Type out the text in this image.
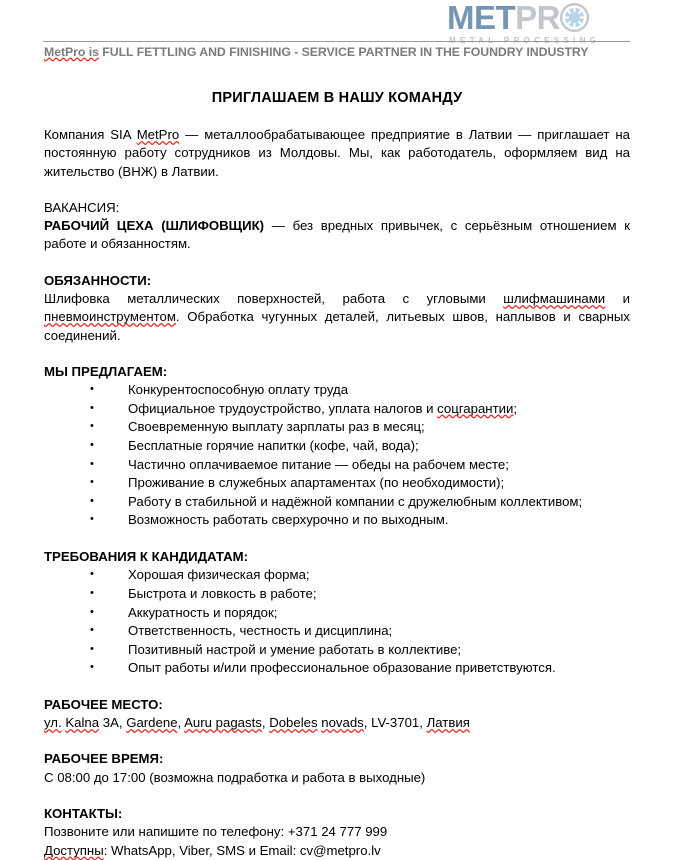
METPR
MetPro is FULL FETTLING AND FINISHING - SERVICE PARTNER IN THE FOUNDRY INDUSTRY
ПРИГЛАШАЕМ В НАШУ КОМАНДУ

Компания SIA MetPro — металлообрабатывающее предприятие в Латвии — приглашает на постоянную работу сотрудников из Молдовы. Мы, как работодатель, оформляем вид на жительство (ВНЖ) в Латвии.

ВАКАНСИЯ:

РАБОЧИЙ ЦЕХА (ШЛИФОВЩИК) — без вредных привычек, с серьёзным отношением к работе и обязанностям.

ОБЯЗАННОСТИ:

Шлифовка металлических поверхностей, работа с угловыми шлифмашинами и пневмоинструментом. Обработка чугунных деталей, литьевых швов, наплывов и сварных соединений.

МЫ ПРЕДЛАГАЕМ:
• Конкурентоспособную оплату труда
• Официальное трудоустройство, уплата налогов и соцгарантии;
• Своевременную выплату зарплаты раз в месяц;
• Бесплатные горячие напитки (кофе, чай, вода);
• Частично оплачиваемое питание — обеды на рабочем месте;
• Проживание в служебных апартаментах (по необходимости);
• Работу в стабильной и надёжной компании с дружелюбным коллективом;
• Возможность работать сверхурочно и по выходным.
ТРЕБОВАНИЯ К КАНДИДАТАМ:
• Хорошая физическая форма;
• Быстрота и ловкость в работе;
• Аккуратность и порядок;
• Ответственность, честность и дисциплина;
• Позитивный настрой и умение работать в коллективе;
• Опыт работы и/или профессиональное образование приветствуются.
РАБОЧЕЕ МЕСТО:
ул. Kalna 3A, Gardene, Auru pagasts, Dobeles novads, LV-3701, Латвия
РАБОЧЕЕ ВРЕМЯ:
С 08:00 до 17:00 (возможна подработка и работа в выходные)
КОНТАКТЫ:
Позвоните или напишите по телефону: +371 24 777 999
Доступны: WhatsApp, Viber, SMS и Email: cv@metpro.lv
